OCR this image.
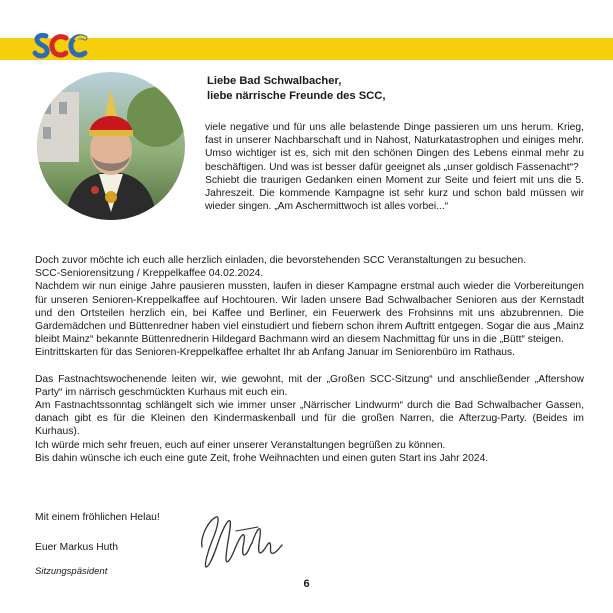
Liebe Bad Schwalbacher,
liebe närrische Freunde des SCC,

viele negative und für uns alle belastende Dinge passieren um uns herum. Krieg, fast in unserer Nachbarschaft und in Nahost, Naturkatastrophen und einiges mehr. Umso wichtiger ist es, sich mit den schönen Dingen des Lebens einmal mehr zu beschäftigen. Und was ist besser dafür geeignet als „unser goldisch Fassenacht“?

Schiebt die traurigen Gedanken einen Moment zur Seite und feiert mit uns die 5. Jahreszeit. Die kommende Kampagne ist sehr kurz und schon bald müssen wir wieder singen. „Am Aschermittwoch ist alles vorbei...“

Doch zuvor möchte ich euch alle herzlich einladen, die bevorstehenden SCC Veranstaltungen zu besuchen.

SCC-Seniorensitzung / Kreppelkaffee 04.02.2024.

Nachdem wir nun einige Jahre pausieren mussten, laufen in dieser Kampagne erstmal auch wieder die Vorbereitungen für unseren Senioren-Kreppelkaffee auf Hochtouren. Wir laden unsere Bad Schwalbacher Senioren aus der Kernstadt und den Ortsteilen herzlich ein, bei Kaffee und Berliner, ein Feuerwerk des Frohsinns mit uns abzubrennen. Die Gardemädchen und Büttenredner haben viel einstudiert und fiebern schon ihrem Auftritt entgegen. Sogar die aus „Mainz bleibt Mainz“ bekannte Büttenrednerin Hildegard Bachmann wird an diesem Nachmittag für uns in die „Bütt“ steigen.

Eintrittskarten für das Senioren-Kreppelkaffee erhaltet Ihr ab Anfang Januar im Seniorenbüro im Rathaus.

Das Fastnachtswochenende leiten wir, wie gewohnt, mit der „Großen SCC-Sitzung“ und anschließender „Aftershow Party“ im närrisch geschmückten Kurhaus mit euch ein.

Am Fastnachtssonntag schlängelt sich wie immer unser „Närrischer Lindwurm“ durch die Bad Schwalbacher Gassen, danach gibt es für die Kleinen den Kindermaskenball und für die großen Narren, die Afterzug-Party. (Beides im Kurhaus).

Ich würde mich sehr freuen, euch auf einer unserer Veranstaltungen begrüßen zu können.

Bis dahin wünsche ich euch eine gute Zeit, frohe Weihnachten und einen guten Start ins Jahr 2024.

Mit einem fröhlichen Helau!
Euer Markus Huth
Sitzungspäsident
6
